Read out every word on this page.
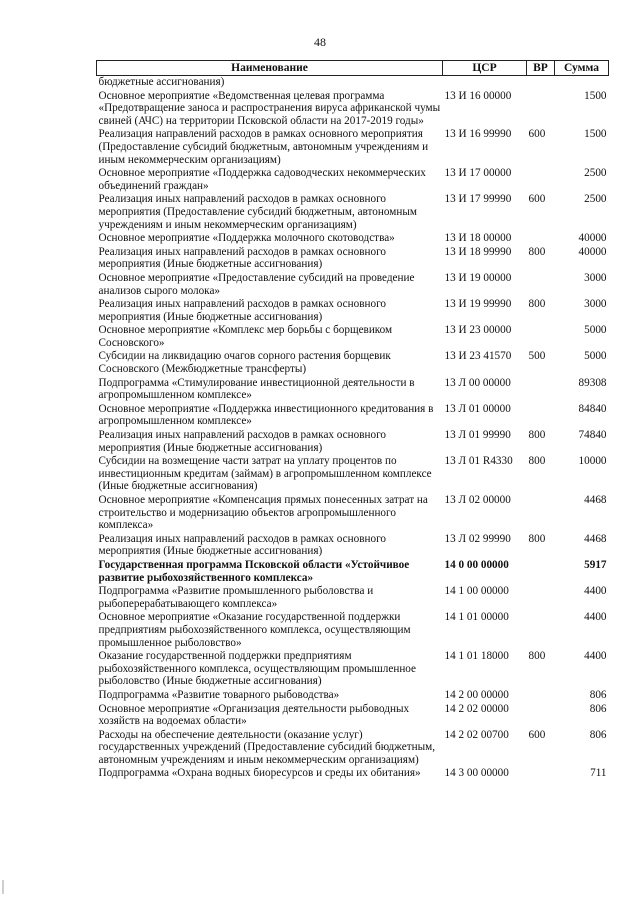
48
Наименование	ЦСР	ВР	Сумма
бюджетные ассигнования)			
Основное мероприятие «Ведомственная целевая программа «Предотвращение заноса и распространения вируса африканской чумы свиней (АЧС) на территории Псковской области на 2017-2019 годы»	13 И 16 00000		1500
Реализация направлений расходов в рамках основного мероприятия (Предоставление субсидий бюджетным, автономным учреждениям и иным некоммерческим организациям)	13 И 16 99990	600	1500
Основное мероприятие «Поддержка садоводческих некоммерческих объединений граждан»	13 И 17 00000		2500
Реализация иных направлений расходов в рамках основного мероприятия (Предоставление субсидий бюджетным, автономным учреждениям и иным некоммерческим организациям)	13 И 17 99990	600	2500
Основное мероприятие «Поддержка молочного скотоводства»	13 И 18 00000		40000
Реализация иных направлений расходов в рамках основного мероприятия (Иные бюджетные ассигнования)	13 И 18 99990	800	40000
Основное мероприятие «Предоставление субсидий на проведение анализов сырого молока»	13 И 19 00000		3000
Реализация иных направлений расходов в рамках основного мероприятия (Иные бюджетные ассигнования)	13 И 19 99990	800	3000
Основное мероприятие «Комплекс мер борьбы с борщевиком Сосновского»	13 И 23 00000		5000
Субсидии на ликвидацию очагов сорного растения борщевик Сосновского (Межбюджетные трансферты)	13 И 23 41570	500	5000
Подпрограмма «Стимулирование инвестиционной деятельности в агропромышленном комплексе»	13 Л 00 00000		89308
Основное мероприятие «Поддержка инвестиционного кредитования в агропромышленном комплексе»	13 Л 01 00000		84840
Реализация иных направлений расходов в рамках основного мероприятия (Иные бюджетные ассигнования)	13 Л 01 99990	800	74840
Субсидии на возмещение части затрат на уплату процентов по инвестиционным кредитам (займам) в агропромышленном комплексе (Иные бюджетные ассигнования)	13 Л 01 R4330	800	10000
Основное мероприятие «Компенсация прямых понесенных затрат на строительство и модернизацию объектов агропромышленного комплекса»	13 Л 02 00000		4468
Реализация иных направлений расходов в рамках основного мероприятия (Иные бюджетные ассигнования)	13 Л 02 99990	800	4468
Государственная программа Псковской области «Устойчивое развитие рыбохозяйственного комплекса»	14 0 00 00000		5917
Подпрограмма «Развитие промышленного рыболовства и рыбоперерабатывающего комплекса»	14 1 00 00000		4400
Основное мероприятие «Оказание государственной поддержки предприятиям рыбохозяйственного комплекса, осуществляющим промышленное рыболовство»	14 1 01 00000		4400
Оказание государственной поддержки предприятиям рыбохозяйственного комплекса, осуществляющим промышленное рыболовство (Иные бюджетные ассигнования)	14 1 01 18000	800	4400
Подпрограмма «Развитие товарного рыбоводства»	14 2 00 00000		806
Основное мероприятие «Организация деятельности рыбоводных хозяйств на водоемах области»	14 2 02 00000		806
Расходы на обеспечение деятельности (оказание услуг) государственных учреждений (Предоставление субсидий бюджетным, автономным учреждениям и иным некоммерческим организациям)	14 2 02 00700	600	806
Подпрограмма «Охрана водных биоресурсов и среды их обитания»	14 3 00 00000		711
